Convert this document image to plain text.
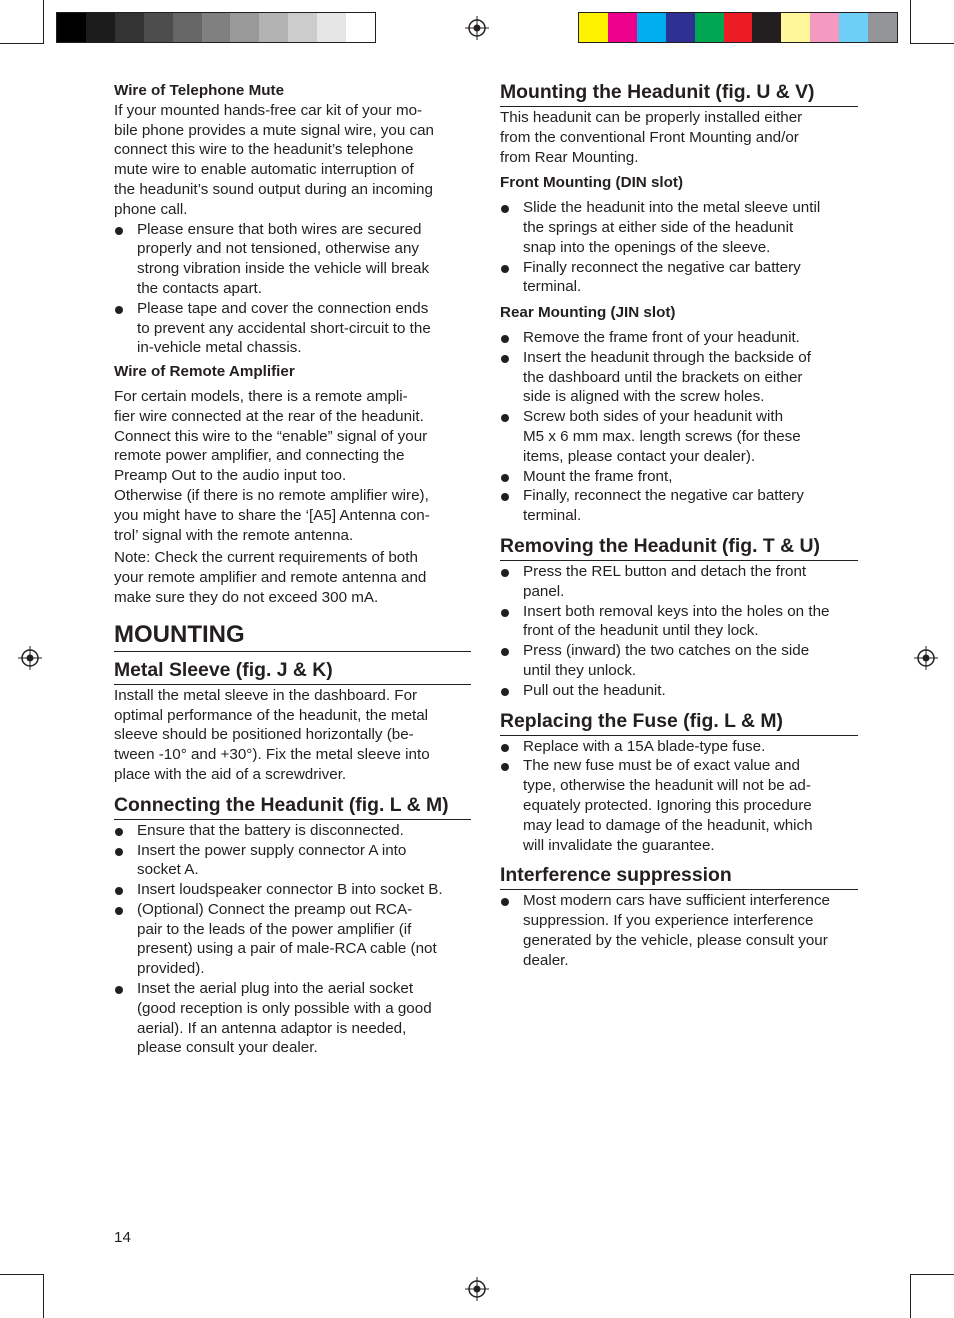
Wire of Telephone Mute

If your mounted hands-free car kit of your mo-
bile phone provides a mute signal wire, you can
connect this wire to the headunit’s telephone
mute wire to enable automatic interruption of
the headunit’s sound output during an incoming
phone call.

Please ensure that both wires are secured
properly and not tensioned, otherwise any
strong vibration inside the vehicle will break
the contacts apart.
Please tape and cover the connection ends
to prevent any accidental short-circuit to the
in-vehicle metal chassis.
Wire of Remote Amplifier

For certain models, there is a remote ampli-
fier wire connected at the rear of the headunit.
Connect this wire to the “enable” signal of your
remote power amplifier, and connecting the
Preamp Out to the audio input too.
Otherwise (if there is no remote amplifier wire),
you might have to share the ‘[A5] Antenna con-
trol’ signal with the remote antenna.

Note: Check the current requirements of both
your remote amplifier and remote antenna and
make sure they do not exceed 300 mA.

MOUNTING
Metal Sleeve (fig. J & K)

Install the metal sleeve in the dashboard. For
optimal performance of the headunit, the metal
sleeve should be positioned horizontally (be-
tween -10° and +30°). Fix the metal sleeve into
place with the aid of a screwdriver.

Connecting the Headunit (fig. L & M)
Ensure that the battery is disconnected.
Insert the power supply connector A into
socket A.
Insert loudspeaker connector B into socket B.
(Optional) Connect the preamp out RCA-
pair to the leads of the power amplifier (if
present) using a pair of male-RCA cable (not
provided).
Inset the aerial plug into the aerial socket
(good reception is only possible with a good
aerial). If an antenna adaptor is needed,
please consult your dealer.
Mounting the Headunit (fig. U & V)

This headunit can be properly installed either
from the conventional Front Mounting and/or
from Rear Mounting.

Front Mounting (DIN slot)
Slide the headunit into the metal sleeve until
the springs at either side of the headunit
snap into the openings of the sleeve.
Finally reconnect the negative car battery
terminal.
Rear Mounting (JIN slot)
Remove the frame front of your headunit.
Insert the headunit through the backside of
the dashboard until the brackets on either
side is aligned with the screw holes.
Screw both sides of your headunit with
M5 x 6 mm max. length screws (for these
items, please contact your dealer).
Mount the frame front,
Finally, reconnect the negative car battery
terminal.
Removing the Headunit (fig. T & U)
Press the REL button and detach the front
panel.
Insert both removal keys into the holes on the
front of the headunit until they lock.
Press (inward) the two catches on the side
until they unlock.
Pull out the headunit.
Replacing the Fuse (fig. L & M)
Replace with a 15A blade-type fuse.
The new fuse must be of exact value and
type, otherwise the headunit will not be ad-
equately protected. Ignoring this procedure
may lead to damage of the headunit, which
will invalidate the guarantee.
Interference suppression
Most modern cars have sufficient interference
suppression. If you experience interference
generated by the vehicle, please consult your
dealer.
14
